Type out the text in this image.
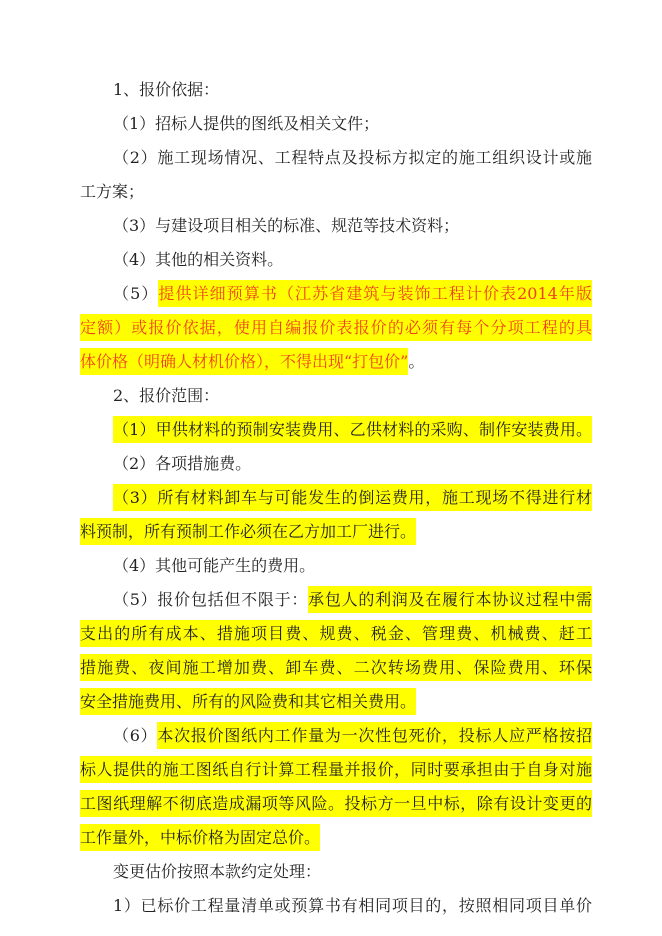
1、报价依据：
（1）招标人提供的图纸及相关文件；
（2）施工现场情况、工程特点及投标方拟定的施工组织设计或施
工方案；
（3）与建设项目相关的标准、规范等技术资料；
（4）其他的相关资料。
（5）提供详细预算书（江苏省建筑与装饰工程计价表2014年版
定额）或报价依据，使用自编报价表报价的必须有每个分项工程的具
体价格（明确人材机价格），不得出现“打包价”。
2、报价范围：
（1）甲供材料的预制安装费用、乙供材料的采购、制作安装费用。
（2）各项措施费。
（3）所有材料卸车与可能发生的倒运费用，施工现场不得进行材
料预制，所有预制工作必须在乙方加工厂进行。
（4）其他可能产生的费用。
（5）报价包括但不限于：承包人的利润及在履行本协议过程中需
支出的所有成本、措施项目费、规费、税金、管理费、机械费、赶工
措施费、夜间施工增加费、卸车费、二次转场费用、保险费用、环保
安全措施费用、所有的风险费和其它相关费用。
（6）本次报价图纸内工作量为一次性包死价，投标人应严格按招
标人提供的施工图纸自行计算工程量并报价，同时要承担由于自身对施
工图纸理解不彻底造成漏项等风险。投标方一旦中标，除有设计变更的
工作量外，中标价格为固定总价。
变更估价按照本款约定处理：
1）已标价工程量清单或预算书有相同项目的，按照相同项目单价
